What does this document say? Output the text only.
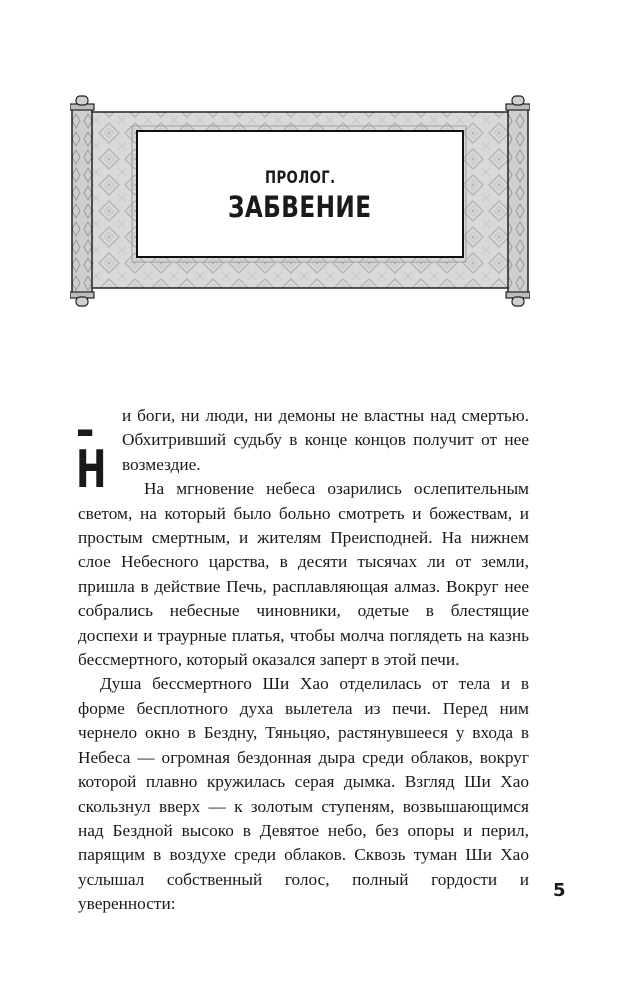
ПРОЛОГ.
ЗАБВЕНИЕ

–Н
и боги, ни люди, ни демоны не властны над смертью. Обхитривший судьбу в конце концов получит от нее возмездие.

На мгновение небеса озарились ослепительным светом, на который было больно смотреть и божествам, и простым смертным, и жителям Преисподней. На нижнем слое Небесного царства, в десяти тысячах ли от земли, пришла в действие Печь, расплавляющая алмаз. Вокруг нее собрались небесные чиновники, одетые в блестящие доспехи и траурные платья, чтобы молча поглядеть на казнь бессмертного, который оказался заперт в этой печи.

Душа бессмертного Ши Хао отделилась от тела и в форме бесплотного духа вылетела из печи. Перед ним чернело окно в Бездну, Тяньцяо, растянувшееся у входа в Небеса — огромная бездонная дыра среди облаков, вокруг которой плавно кружилась серая дымка. Взгляд Ши Хао скользнул вверх — к золотым ступеням, возвышающимся над Бездной высоко в Девятое небо, без опоры и перил, парящим в воздухе среди облаков. Сквозь туман Ши Хао услышал собственный голос, полный гордости и уверенности:

5
